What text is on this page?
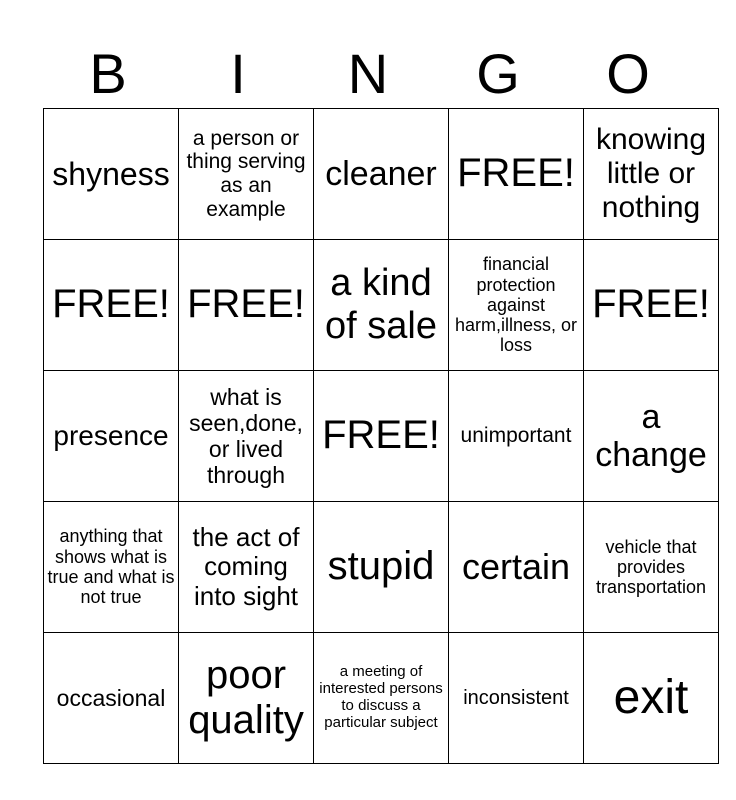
B	I	N	G	O
shyness	a person or thing serving as an example	cleaner	FREE!	knowing little or nothing
FREE!	FREE!	a kind of sale	financial protection against harm,illness, or loss	FREE!
presence	what is seen,done, or lived through	FREE!	unimportant	a change
anything that shows what is true and what is not true	the act of coming into sight	stupid	certain	vehicle that provides transportation
occasional	poor quality	a meeting of interested persons to discuss a particular subject	inconsistent	exit
